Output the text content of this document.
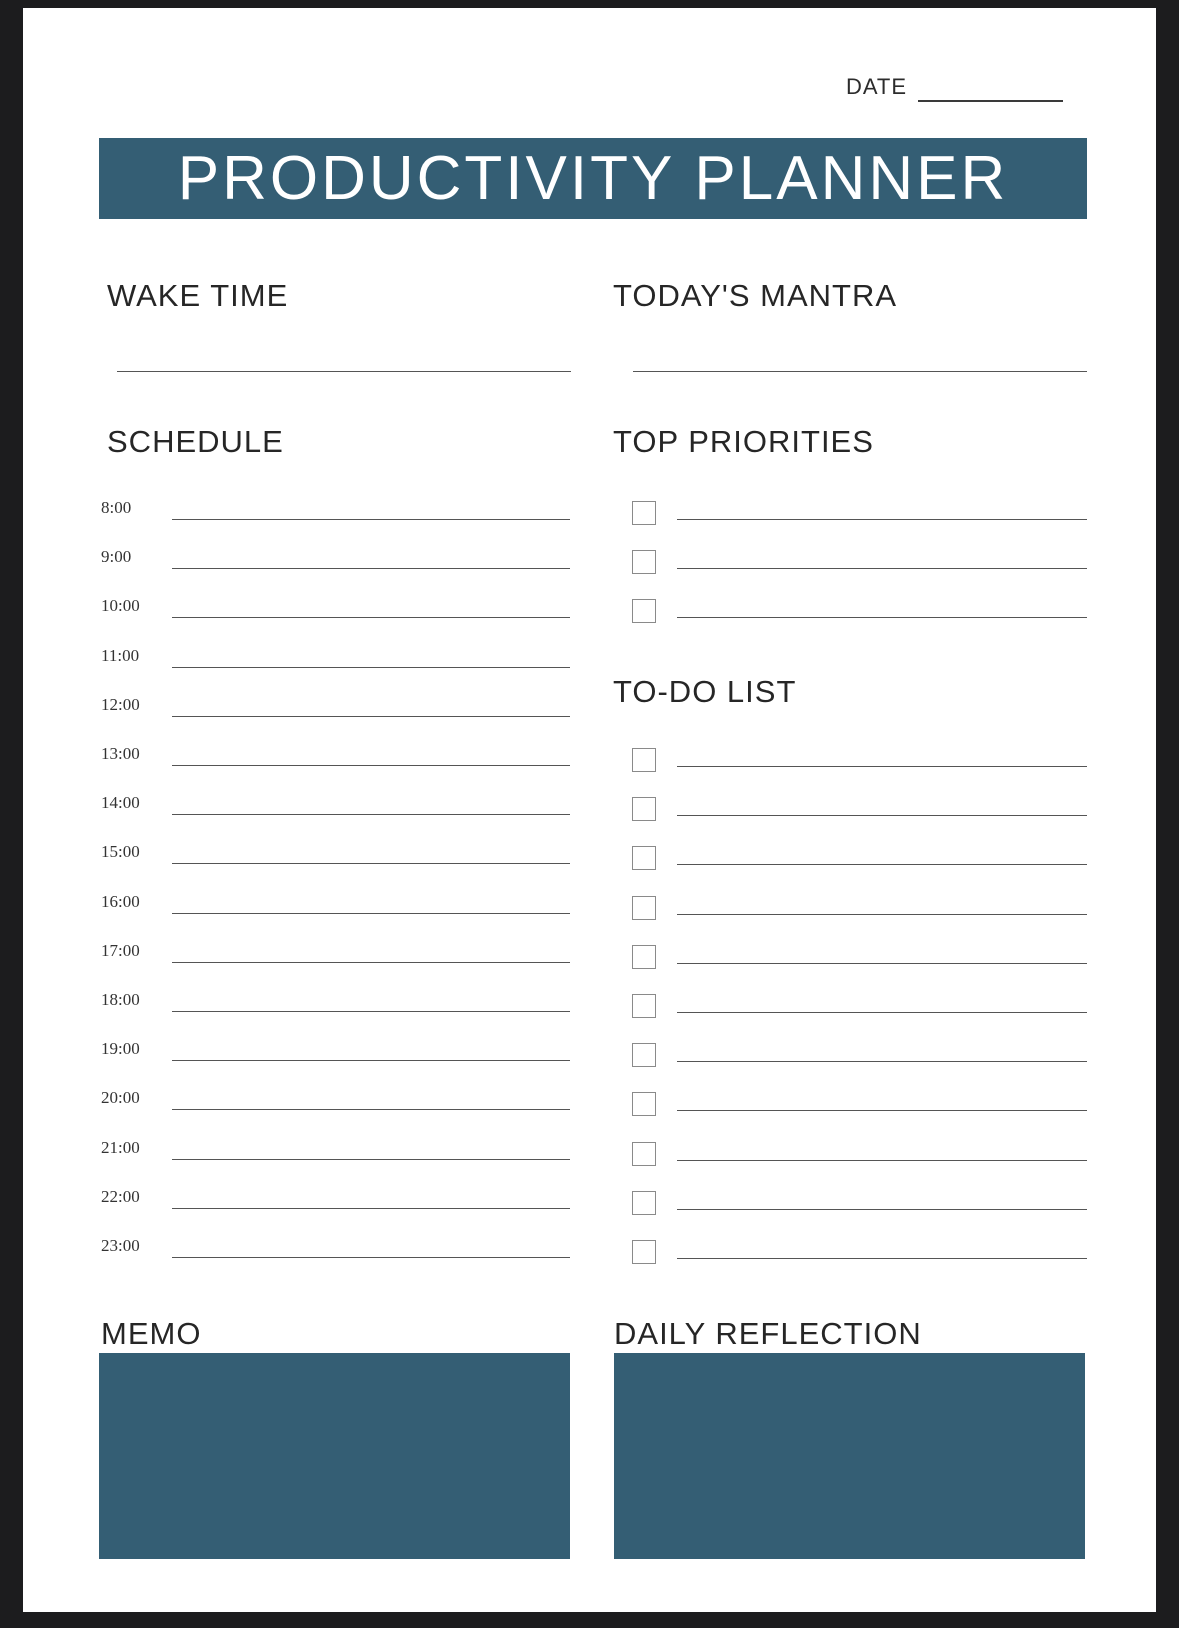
DATE
PRODUCTIVITY PLANNER
WAKE TIME	TODAY'S MANTRA
SCHEDULE	TOP PRIORITIES
TO-DO LIST
MEMO	DAILY REFLECTION
8:00
9:00
10:00
11:00
12:00
13:00
14:00
15:00
16:00
17:00
18:00
19:00
20:00
21:00
22:00
23:00
